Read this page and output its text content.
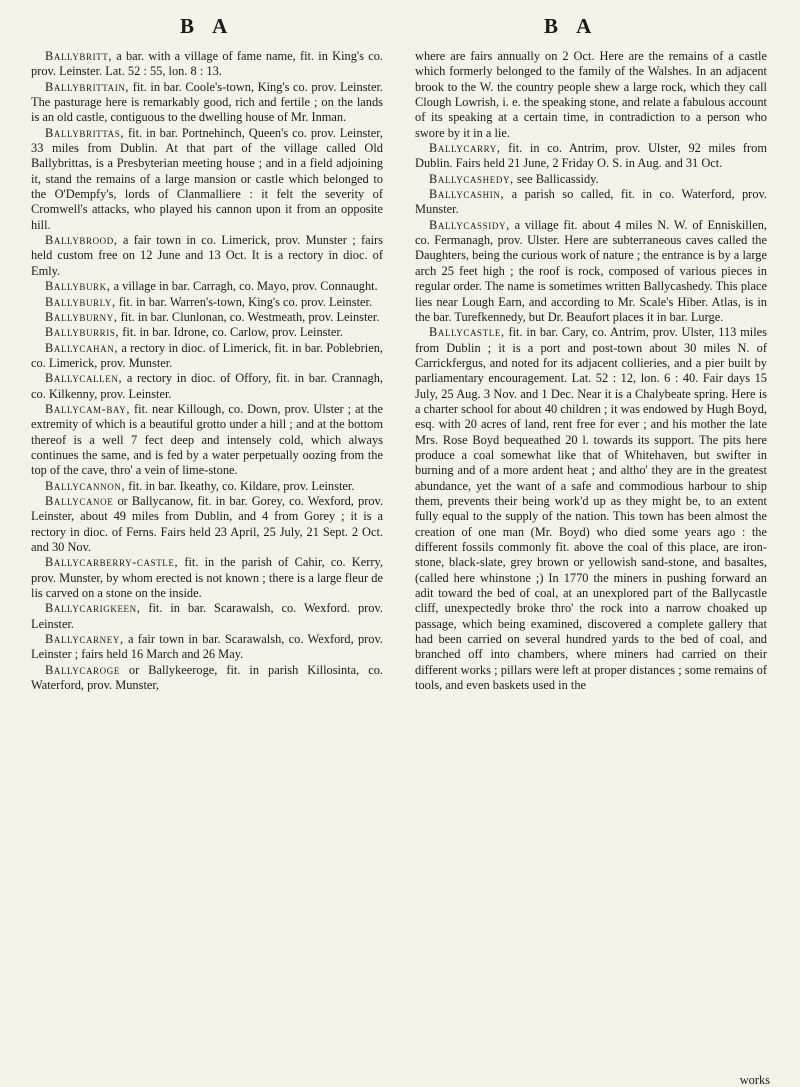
B A	B A

Ballybritt, a bar. with a village of fame name, fit. in King's co. prov. Leinster. Lat. 52 : 55, lon. 8 : 13.

Ballybrittain, fit. in bar. Coole's-town, King's co. prov. Leinster. The pasturage here is remarkably good, rich and fertile ; on the lands is an old castle, contiguous to the dwelling house of Mr. Inman.

Ballybrittas, fit. in bar. Portnehinch, Queen's co. prov. Leinster, 33 miles from Dublin. At that part of the village called Old Ballybrittas, is a Presbyterian meeting house ; and in a field adjoining it, stand the remains of a large mansion or castle which belonged to the O'Dempfy's, lords of Clanmalliere : it felt the severity of Cromwell's attacks, who played his cannon upon it from an opposite hill.

Ballybrood, a fair town in co. Limerick, prov. Munster ; fairs held custom free on 12 June and 13 Oct. It is a rectory in dioc. of Emly.

Ballyburk, a village in bar. Carragh, co. Mayo, prov. Connaught.

Ballyburly, fit. in bar. Warren's-town, King's co. prov. Leinster.

Ballyburny, fit. in bar. Clunlonan, co. Westmeath, prov. Leinster.

Ballyburris, fit. in bar. Idrone, co. Carlow, prov. Leinster.

Ballycahan, a rectory in dioc. of Limerick, fit. in bar. Poblebrien, co. Limerick, prov. Munster.

Ballycallen, a rectory in dioc. of Offory, fit. in bar. Crannagh, co. Kilkenny, prov. Leinster.

Ballycam-bay, fit. near Killough, co. Down, prov. Ulster ; at the extremity of which is a beautiful grotto under a hill ; and at the bottom thereof is a well 7 fect deep and intensely cold, which always continues the same, and is fed by a water perpetually oozing from the top of the cave, thro' a vein of lime-stone.

Ballycannon, fit. in bar. Ikeathy, co. Kildare, prov. Leinster.

Ballycanoe or Ballycanow, fit. in bar. Gorey, co. Wexford, prov. Leinster, about 49 miles from Dublin, and 4 from Gorey ; it is a rectory in dioc. of Ferns. Fairs held 23 April, 25 July, 21 Sept. 2 Oct. and 30 Nov.

Ballycarberry-castle, fit. in the parish of Cahir, co. Kerry, prov. Munster, by whom erected is not known ; there is a large fleur de lis carved on a stone on the inside.

Ballycarigkeen, fit. in bar. Scarawalsh, co. Wexford. prov. Leinster.

Ballycarney, a fair town in bar. Scarawalsh, co. Wexford, prov. Leinster ; fairs held 16 March and 26 May.

Ballycaroge or Ballykeeroge, fit. in parish Killosinta, co. Waterford, prov. Munster,

where are fairs annually on 2 Oct. Here are the remains of a castle which formerly belonged to the family of the Walshes. In an adjacent brook to the W. the country people shew a large rock, which they call Clough Lowrish, i. e. the speaking stone, and relate a fabulous account of its speaking at a certain time, in contradiction to a person who swore by it in a lie.

Ballycarry, fit. in co. Antrim, prov. Ulster, 92 miles from Dublin. Fairs held 21 June, 2 Friday O. S. in Aug. and 31 Oct.

Ballycashedy, see Ballicassidy.

Ballycashin, a parish so called, fit. in co. Waterford, prov. Munster.

Ballycassidy, a village fit. about 4 miles N. W. of Enniskillen, co. Fermanagh, prov. Ulster. Here are subterraneous caves called the Daughters, being the curious work of nature ; the entrance is by a large arch 25 feet high ; the roof is rock, composed of various pieces in regular order. The name is sometimes written Ballycashedy. This place lies near Lough Earn, and according to Mr. Scale's Hiber. Atlas, is in the bar. Turefkennedy, but Dr. Beaufort places it in bar. Lurge.

Ballycastle, fit. in bar. Cary, co. Antrim, prov. Ulster, 113 miles from Dublin ; it is a port and post-town about 30 miles N. of Carrickfergus, and noted for its adjacent collieries, and a pier built by parliamentary encouragement. Lat. 52 : 12, lon. 6 : 40. Fair days 15 July, 25 Aug. 3 Nov. and 1 Dec. Near it is a Chalybeate spring. Here is a charter school for about 40 children ; it was endowed by Hugh Boyd, esq. with 20 acres of land, rent free for ever ; and his mother the late Mrs. Rose Boyd bequeathed 20 l. towards its support. The pits here produce a coal somewhat like that of Whitehaven, but swifter in burning and of a more ardent heat ; and altho' they are in the greatest abundance, yet the want of a safe and commodious harbour to ship them, prevents their being work'd up as they might be, to an extent fully equal to the supply of the nation. This town has been almost the creation of one man (Mr. Boyd) who died some years ago : the different fossils commonly fit. above the coal of this place, are iron-stone, black-slate, grey brown or yellowish sand-stone, and basaltes, (called here whinstone ;) In 1770 the miners in pushing forward an adit toward the bed of coal, at an unexplored part of the Ballycastle cliff, unexpectedly broke thro' the rock into a narrow choaked up passage, which being examined, discovered a complete gallery that had been carried on several hundred yards to the bed of coal, and branched off into chambers, where miners had carried on their different works ; pillars were left at proper distances ; some remains of tools, and even baskets used in the

works
